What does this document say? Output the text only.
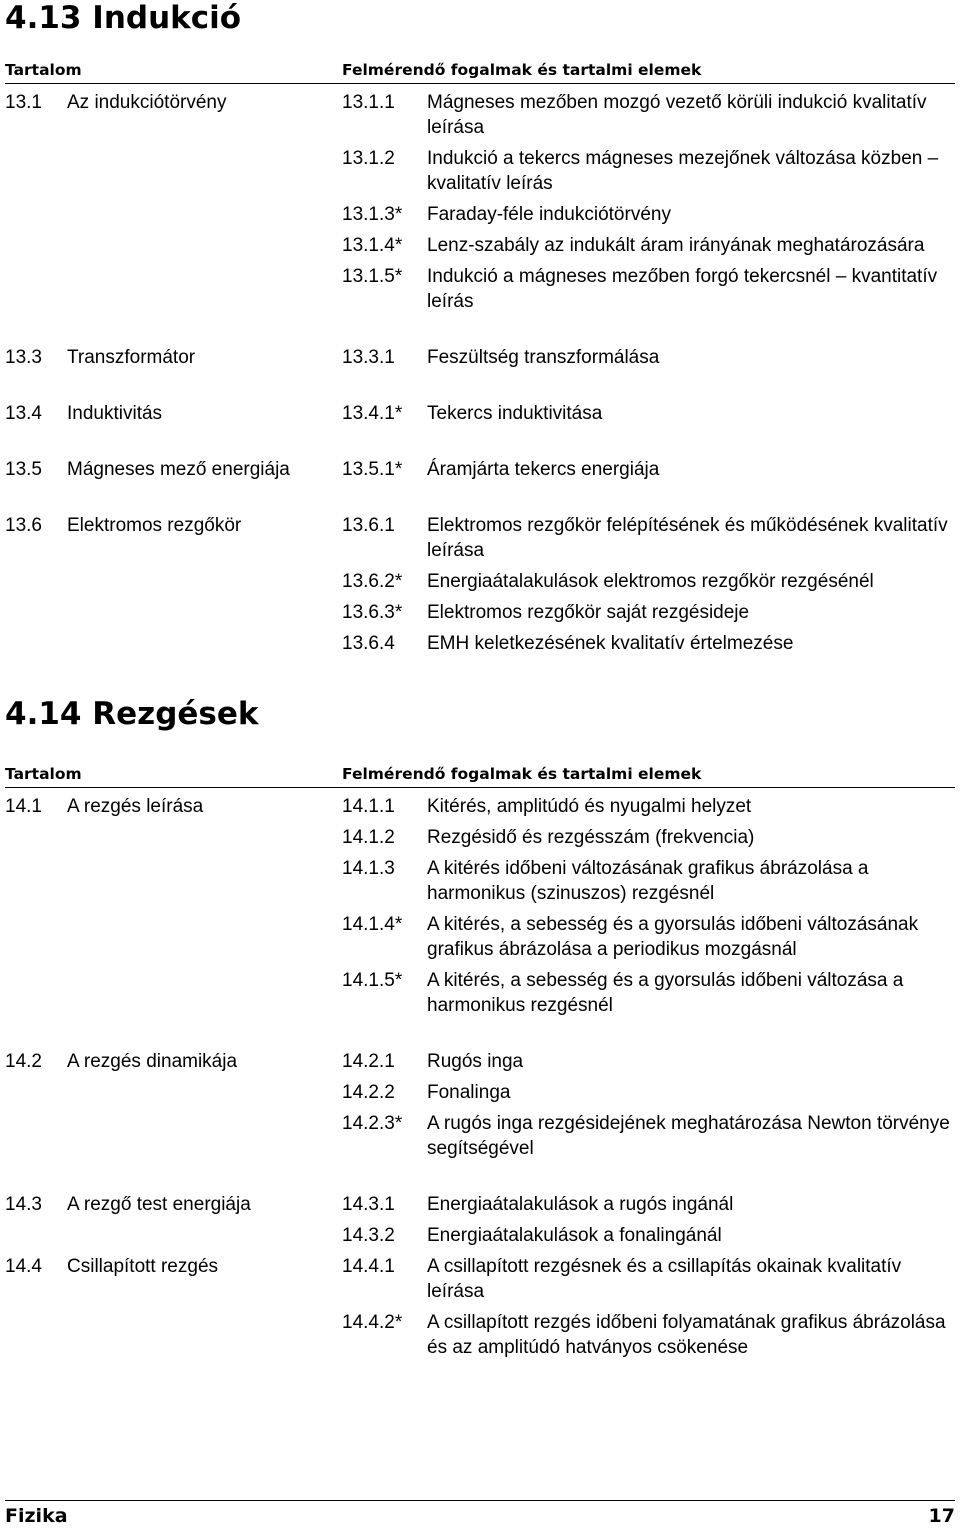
4.13 Indukció
Tartalom	Felmérendő fogalmak és tartalmi elemek
13.1	Az indukciótörvény	13.1.1	Mágneses mezőben mozgó vezető körüli indukció kvalitatív leírása
13.1.2	Indukció a tekercs mágneses mezejőnek változása közben – kvalitatív leírás
13.1.3*	Faraday-féle indukciótörvény
13.1.4*	Lenz-szabály az indukált áram irányának meghatározására
13.1.5*	Indukció a mágneses mezőben forgó tekercsnél – kvantitatív leírás
13.3	Transzformátor	13.3.1	Feszültség transzformálása
13.4	Induktivitás	13.4.1*	Tekercs induktivitása
13.5	Mágneses mező energiája	13.5.1*	Áramjárta tekercs energiája
13.6	Elektromos rezgőkör	13.6.1	Elektromos rezgőkör felépítésének és működésének kvalitatív leírása
13.6.2*	Energiaátalakulások elektromos rezgőkör rezgésénél
13.6.3*	Elektromos rezgőkör saját rezgésideje
13.6.4	EMH keletkezésének kvalitatív értelmezése
4.14 Rezgések
Tartalom	Felmérendő fogalmak és tartalmi elemek
14.1	A rezgés leírása	14.1.1	Kitérés, amplitúdó és nyugalmi helyzet
14.1.2	Rezgésidő és rezgésszám (frekvencia)
14.1.3	A kitérés időbeni változásának grafikus ábrázolása a harmonikus (szinuszos) rezgésnél
14.1.4*	A kitérés, a sebesség és a gyorsulás időbeni változásának grafikus ábrázolása a periodikus mozgásnál
14.1.5*	A kitérés, a sebesség és a gyorsulás időbeni változása a harmonikus rezgésnél
14.2	A rezgés dinamikája	14.2.1	Rugós inga
14.2.2	Fonalinga
14.2.3*	A rugós inga rezgésidejének meghatározása Newton törvénye segítségével
14.3	A rezgő test energiája	14.3.1	Energiaátalakulások a rugós ingánál
14.3.2	Energiaátalakulások a fonalingánál
14.4	Csillapított rezgés	14.4.1	A csillapított rezgésnek és a csillapítás okainak kvalitatív leírása
14.4.2*	A csillapított rezgés időbeni folyamatának grafikus ábrázolása és az amplitúdó hatványos csökenése
Fizika	17
